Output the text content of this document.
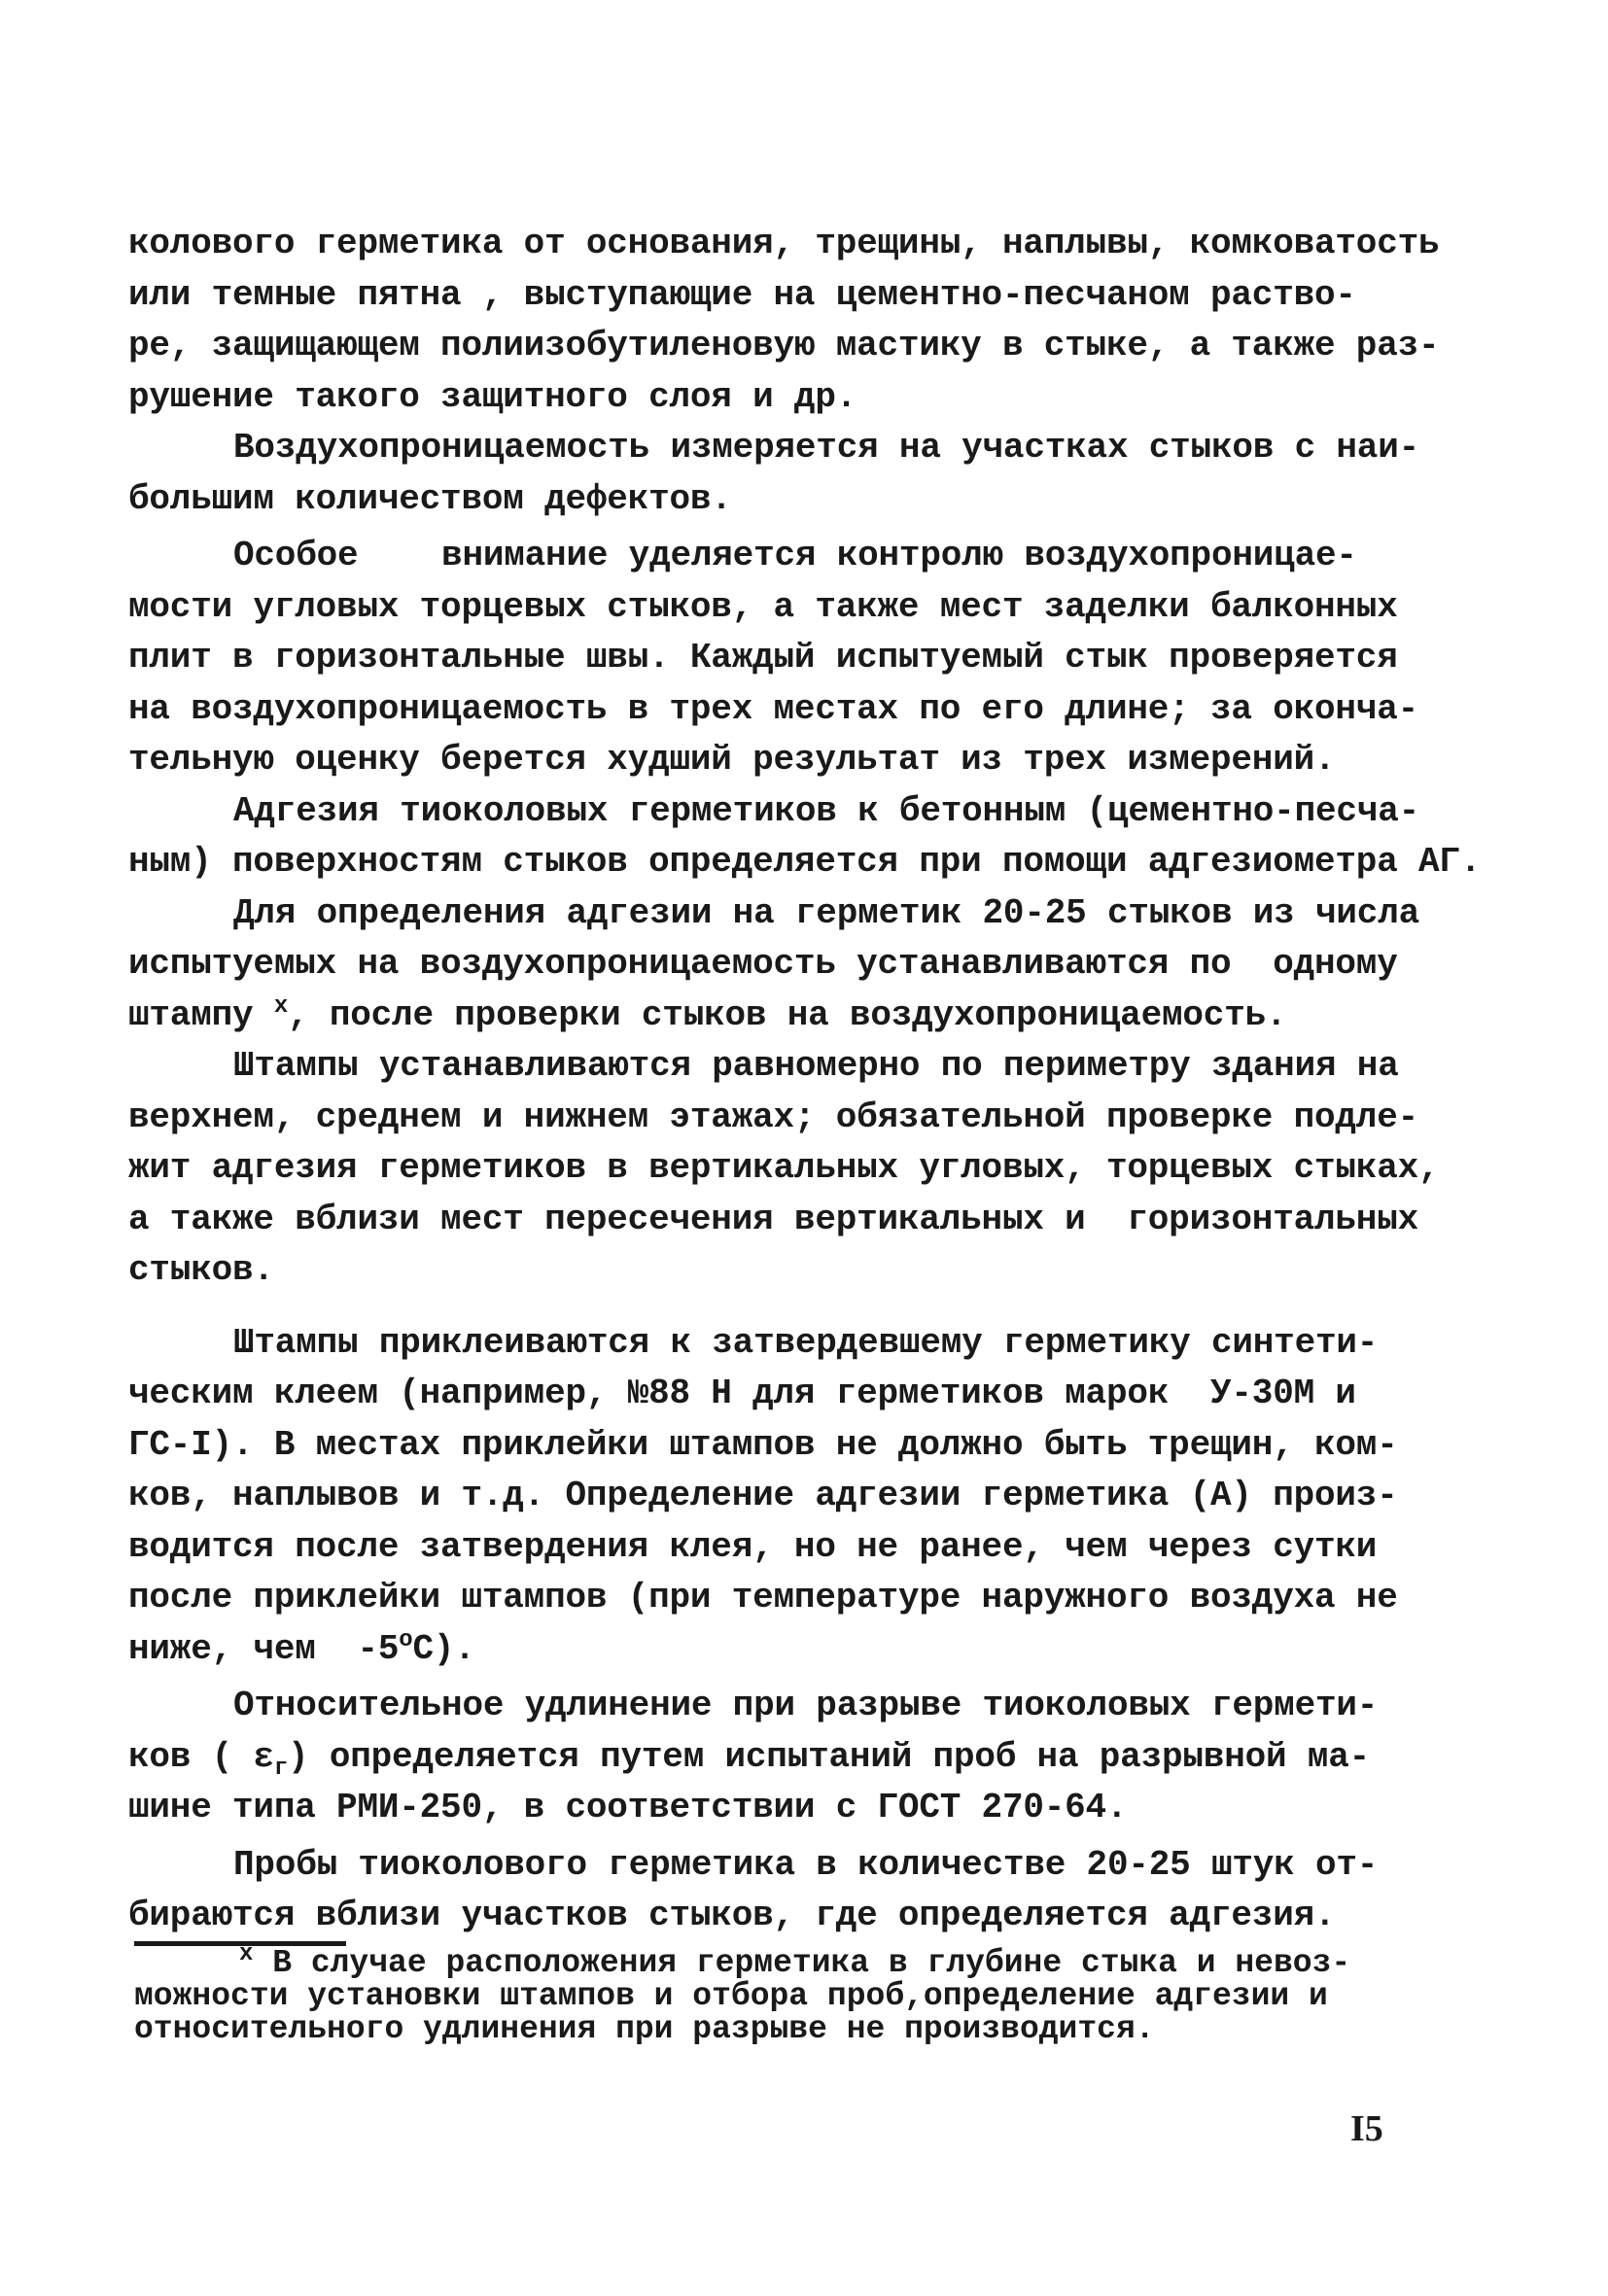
колового герметика от основания, трещины, наплывы, комковатость
или темные пятна , выступающие на цементно-песчаном раство-
ре, защищающем полиизобутиленовую мастику в стыке, а также раз-
рушение такого защитного слоя и др.

Воздухопроницаемость измеряется на участках стыков с наи-
большим количеством дефектов.

Особое    внимание уделяется контролю воздухопроницае-
мости угловых торцевых стыков, а также мест заделки балконных
плит в горизонтальные швы. Каждый испытуемый стык проверяется
на воздухопроницаемость в трех местах по его длине; за оконча-
тельную оценку берется худший результат из трех измерений.

Адгезия тиоколовых герметиков к бетонным (цементно-песча-
ным) поверхностям стыков определяется при помощи адгезиометра АГ.

Для определения адгезии на герметик 20-25 стыков из числа
испытуемых на воздухопроницаемость устанавливаются по  одному
штампу $^х$, после проверки стыков на воздухопроницаемость.

Штампы устанавливаются равномерно по периметру здания на
верхнем, среднем и нижнем этажах; обязательной проверке подле-
жит адгезия герметиков в вертикальных угловых, торцевых стыках,
а также вблизи мест пересечения вертикальных и  горизонтальных
стыков.

Штампы приклеиваются к затвердевшему герметику синтети-
ческим клеем (например, №88 Н для герметиков марок  У-30М и
ГС-I). В местах приклейки штампов не должно быть трещин, ком-
ков, наплывов и т.д. Определение адгезии герметика (А) произ-
водится после затвердения клея, но не ранее, чем через сутки
после приклейки штампов (при температуре наружного воздуха не
ниже, чем  $-5^оС$).

Относительное удлинение при разрыве тиоколовых гермети-
ков ( $\varepsilon_г$) определяется путем испытаний проб на разрывной ма-
шине типа РМИ-250, в соответствии с ГОСТ 270-64.

Пробы тиоколового герметика в количестве 20-25 штук от-
бираются вблизи участков стыков, где определяется адгезия.

$^х$ В случае расположения герметика в глубине стыка и невоз-
можности установки штампов и отбора проб,определение адгезии и
относительного удлинения при разрыве не производится.
I5
